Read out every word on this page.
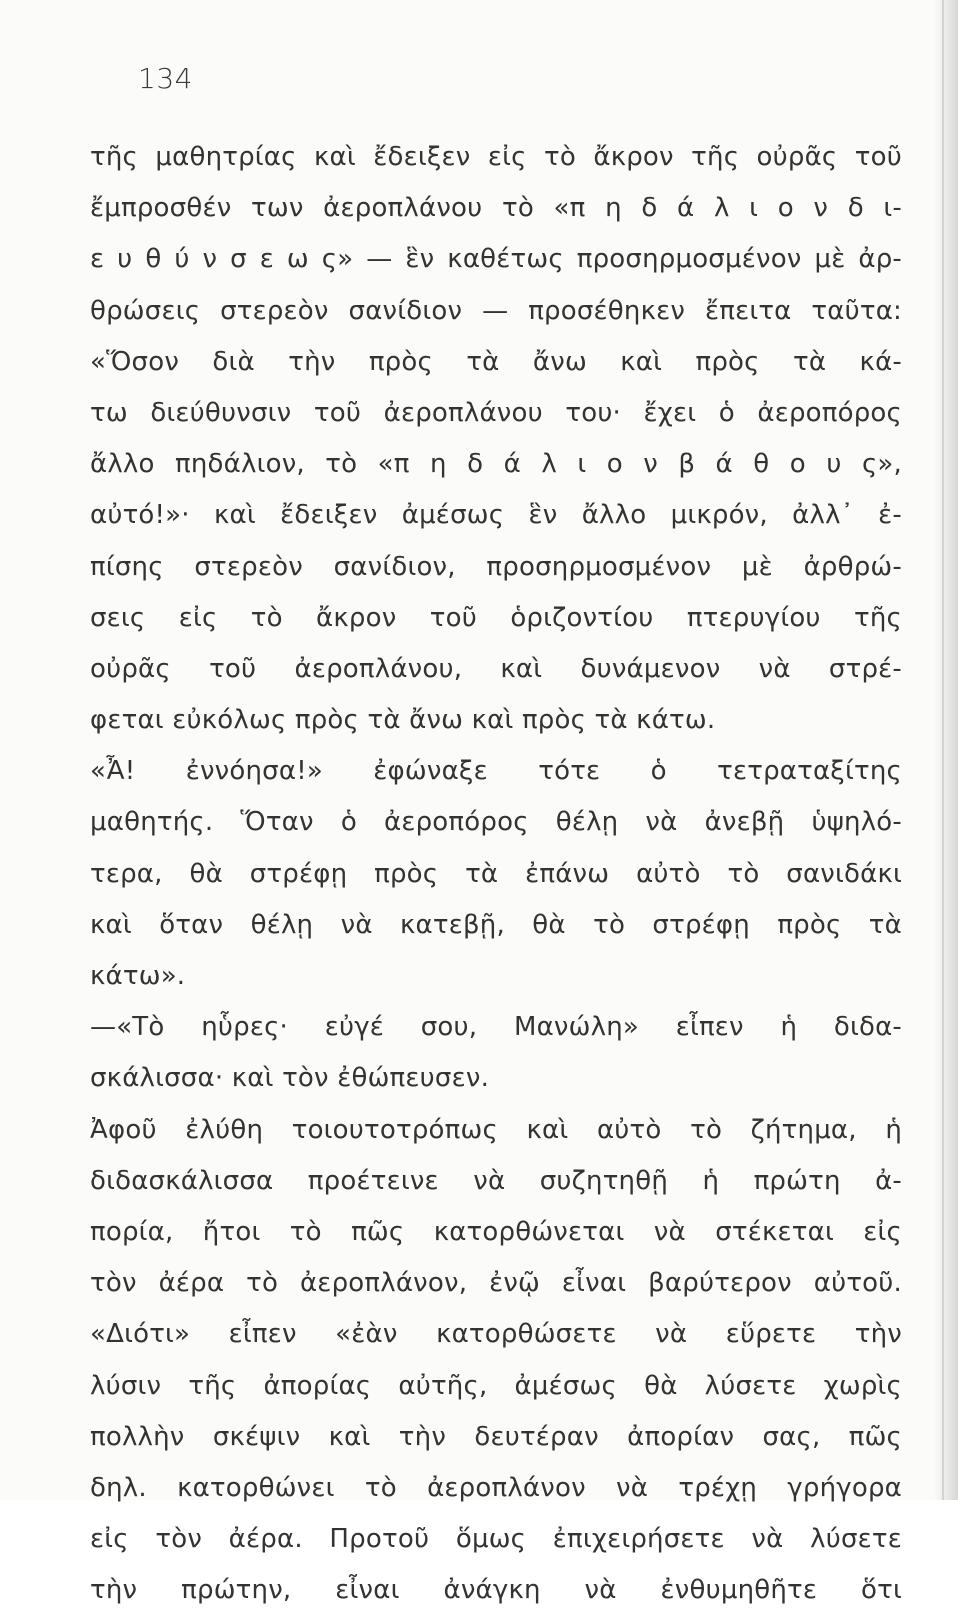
134
τῆς μαθητρίας καὶ ἔδειξεν εἰς τὸ ἄκρον τῆς οὐρᾶς τοῦ
ἔμπροσθέν των ἀεροπλάνου τὸ «π η δ ά λ ι ο ν δ ι-
ε υ θ ύ ν σ ε ω ς» — ἓν καθέτως προσηρμοσμένον μὲ ἀρ-
θρώσεις στερεὸν σανίδιον — προσέθηκεν ἔπειτα ταῦτα:
«Ὅσον διὰ τὴν πρὸς τὰ ἄνω καὶ πρὸς τὰ κά-
τω διεύθυνσιν τοῦ ἀεροπλάνου του· ἔχει ὁ ἀεροπόρος
ἄλλο πηδάλιον, τὸ «π η δ ά λ ι ο ν β ά θ ο υ ς»,
αὐτό!»· καὶ ἔδειξεν ἀμέσως ἓν ἄλλο μικρόν, ἀλλ᾽ ἐ-
πίσης στερεὸν σανίδιον, προσηρμοσμένον μὲ ἀρθρώ-
σεις εἰς τὸ ἄκρον τοῦ ὁριζοντίου πτερυγίου τῆς
οὐρᾶς τοῦ ἀεροπλάνου, καὶ δυνάμενον νὰ στρέ-
φεται εὐκόλως πρὸς τὰ ἄνω καὶ πρὸς τὰ κάτω.
«Ἆ! ἐννόησα!» ἐφώναξε τότε ὁ τετραταξίτης
μαθητής. Ὅταν ὁ ἀεροπόρος θέλῃ νὰ ἀνεβῇ ὑψηλό-
τερα, θὰ στρέφῃ πρὸς τὰ ἐπάνω αὐτὸ τὸ σανιδάκι
καὶ ὅταν θέλῃ νὰ κατεβῇ, θὰ τὸ στρέφῃ πρὸς τὰ
κάτω».
—«Τὸ ηὗρες· εὐγέ σου, Μανώλη» εἶπεν ἡ διδα-
σκάλισσα· καὶ τὸν ἐθώπευσεν.
Ἀφοῦ ἐλύθη τοιουτοτρόπως καὶ αὐτὸ τὸ ζήτημα, ἡ
διδασκάλισσα προέτεινε νὰ συζητηθῇ ἡ πρώτη ἀ-
πορία, ἤτοι τὸ πῶς κατορθώνεται νὰ στέκεται εἰς
τὸν ἀέρα τὸ ἀεροπλάνον, ἐνῷ εἶναι βαρύτερον αὐτοῦ.
«Διότι» εἶπεν «ἐὰν κατορθώσετε νὰ εὕρετε τὴν
λύσιν τῆς ἀπορίας αὐτῆς, ἀμέσως θὰ λύσετε χωρὶς
πολλὴν σκέψιν καὶ τὴν δευτέραν ἀπορίαν σας, πῶς
δηλ. κατορθώνει τὸ ἀεροπλάνον νὰ τρέχῃ γρήγορα
εἰς τὸν ἀέρα. Προτοῦ ὅμως ἐπιχειρήσετε νὰ λύσετε
τὴν πρώτην, εἶναι ἀνάγκη νὰ ἐνθυμηθῆτε ὅτι
